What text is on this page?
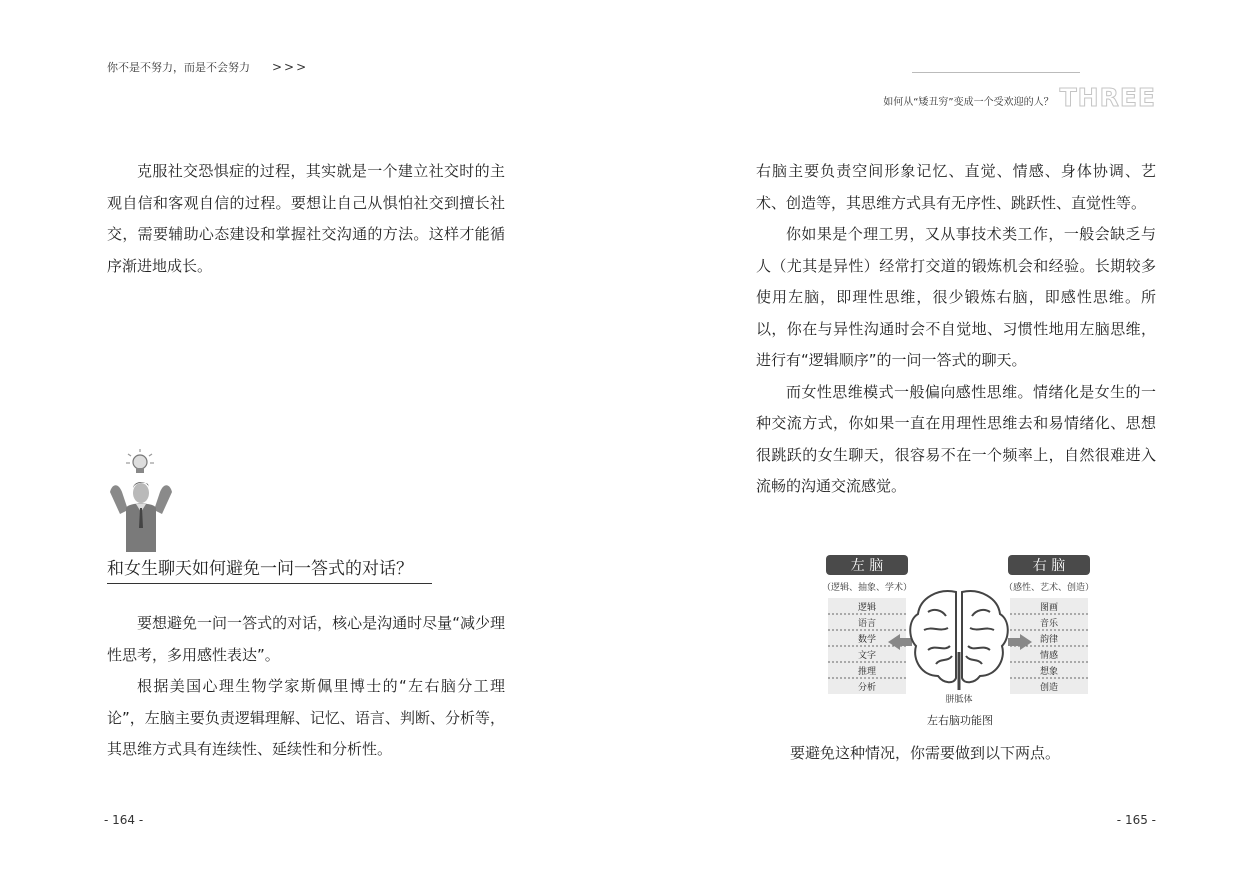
你不是不努力，而是不会努力 >>>

克服社交恐惧症的过程，其实就是一个建立社交时的主观自信和客观自信的过程。要想让自己从惧怕社交到擅长社交，需要辅助心态建设和掌握社交沟通的方法。这样才能循序渐进地成长。

和女生聊天如何避免一问一答式的对话？

要想避免一问一答式的对话，核心是沟通时尽量“减少理性思考，多用感性表达”。

根据美国心理生物学家斯佩里博士的“左右脑分工理论”，左脑主要负责逻辑理解、记忆、语言、判断、分析等，其思维方式具有连续性、延续性和分析性。

- 164 -
如何从“矮丑穷”变成一个受欢迎的人？ THREE

右脑主要负责空间形象记忆、直觉、情感、身体协调、艺术、创造等，其思维方式具有无序性、跳跃性、直觉性等。

你如果是个理工男，又从事技术类工作，一般会缺乏与人（尤其是异性）经常打交道的锻炼机会和经验。长期较多使用左脑，即理性思维，很少锻炼右脑，即感性思维。所以，你在与异性沟通时会不自觉地、习惯性地用左脑思维，进行有“逻辑顺序”的一问一答式的聊天。

而女性思维模式一般偏向感性思维。情绪化是女生的一种交流方式，你如果一直在用理性思维去和易情绪化、思想很跳跃的女生聊天，很容易不在一个频率上，自然很难进入流畅的沟通交流感觉。

左 脑
（逻辑、抽象、学术）
右 脑
（感性、艺术、创造）
逻辑
语言
数学
文字
推理
分析
图画
音乐
韵律
情感
想象
创造
胼胝体
左右脑功能图

要避免这种情况，你需要做到以下两点。

- 165 -
